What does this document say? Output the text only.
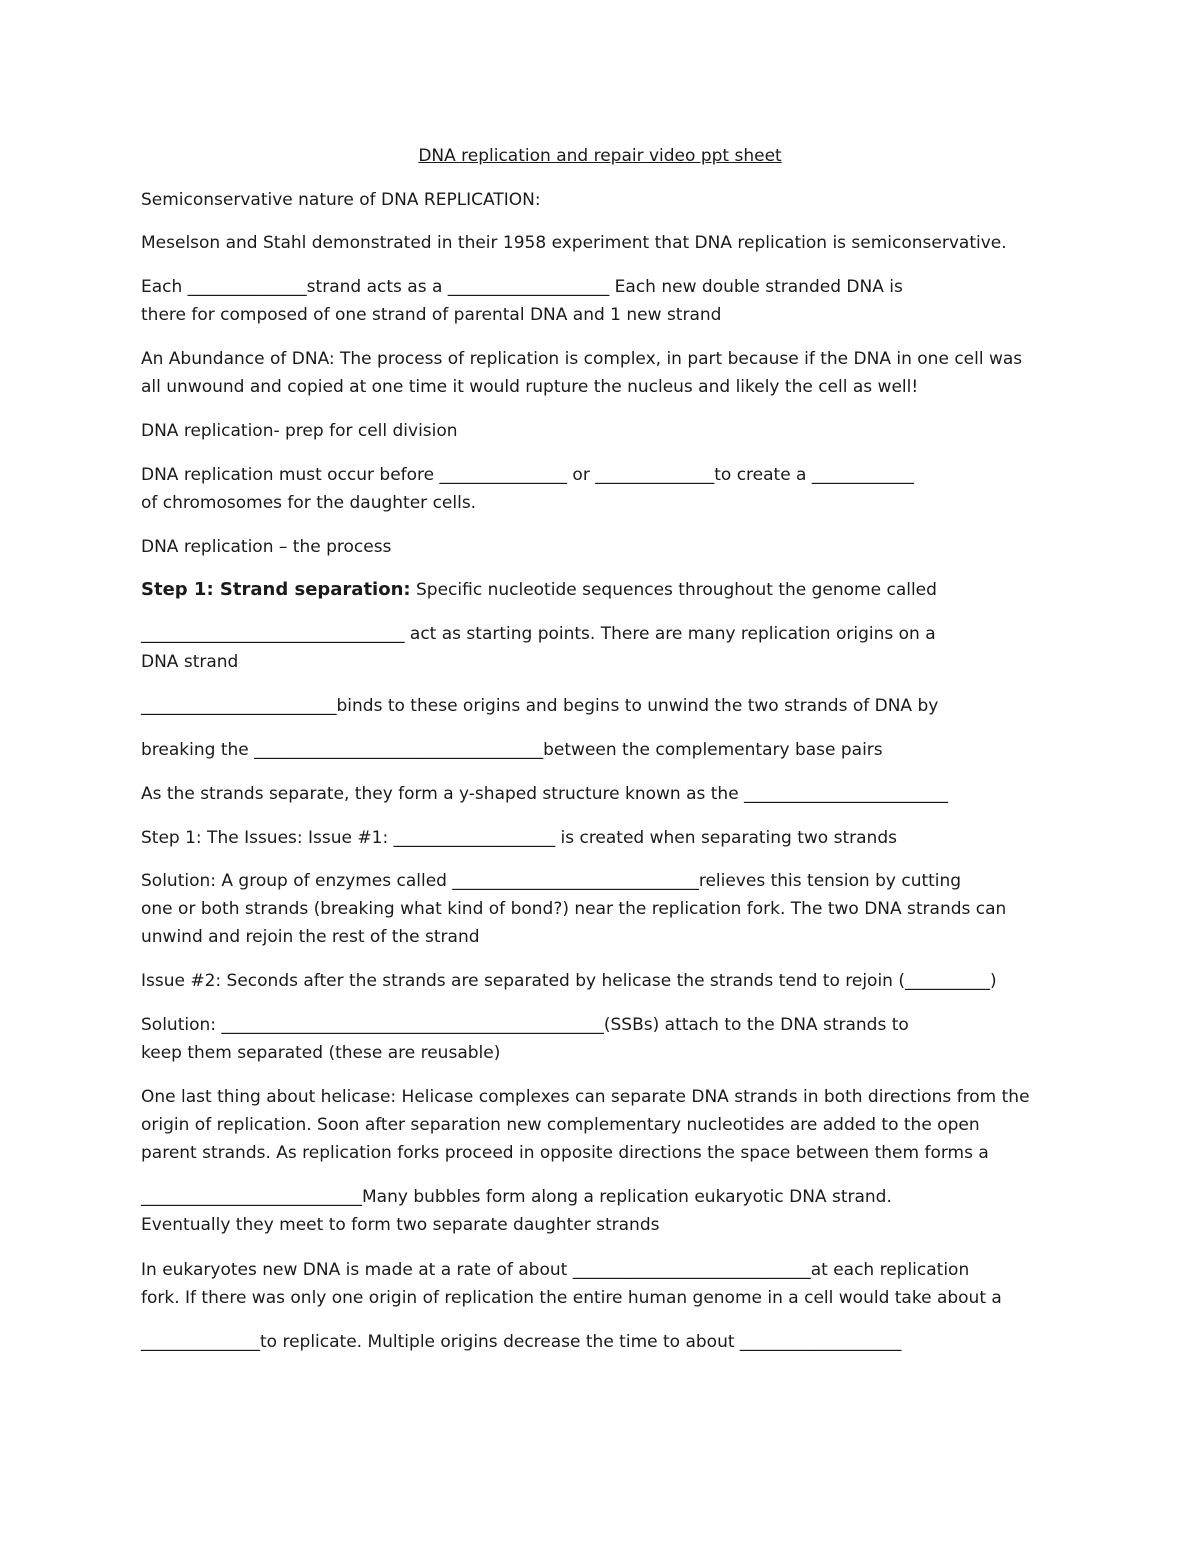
DNA replication and repair video ppt sheet
Semiconservative nature of DNA REPLICATION:
Meselson and Stahl demonstrated in their 1958 experiment that DNA replication is semiconservative.
Each ______________strand acts as a ___________________ Each new double stranded DNA is
there for composed of one strand of parental DNA and 1 new strand
An Abundance of DNA: The process of replication is complex, in part because if the DNA in one cell was
all unwound and copied at one time it would rupture the nucleus and likely the cell as well!
DNA replication- prep for cell division
DNA replication must occur before _______________ or ______________to create a ____________
of chromosomes for the daughter cells.
DNA replication – the process
Step 1: Strand separation: Specific nucleotide sequences throughout the genome called
_______________________________ act as starting points. There are many replication origins on a
DNA strand
_______________________binds to these origins and begins to unwind the two strands of DNA by
breaking the __________________________________between the complementary base pairs
As the strands separate, they form a y-shaped structure known as the ________________________
Step 1: The Issues: Issue #1: ___________________ is created when separating two strands
Solution: A group of enzymes called _____________________________relieves this tension by cutting
one or both strands (breaking what kind of bond?) near the replication fork. The two DNA strands can
unwind and rejoin the rest of the strand
Issue #2: Seconds after the strands are separated by helicase the strands tend to rejoin (__________)
Solution: _____________________________________________(SSBs) attach to the DNA strands to
keep them separated (these are reusable)
One last thing about helicase: Helicase complexes can separate DNA strands in both directions from the
origin of replication. Soon after separation new complementary nucleotides are added to the open
parent strands. As replication forks proceed in opposite directions the space between them forms a
__________________________Many bubbles form along a replication eukaryotic DNA strand.
Eventually they meet to form two separate daughter strands
In eukaryotes new DNA is made at a rate of about ____________________________at each replication
fork. If there was only one origin of replication the entire human genome in a cell would take about a
______________to replicate. Multiple origins decrease the time to about ___________________
